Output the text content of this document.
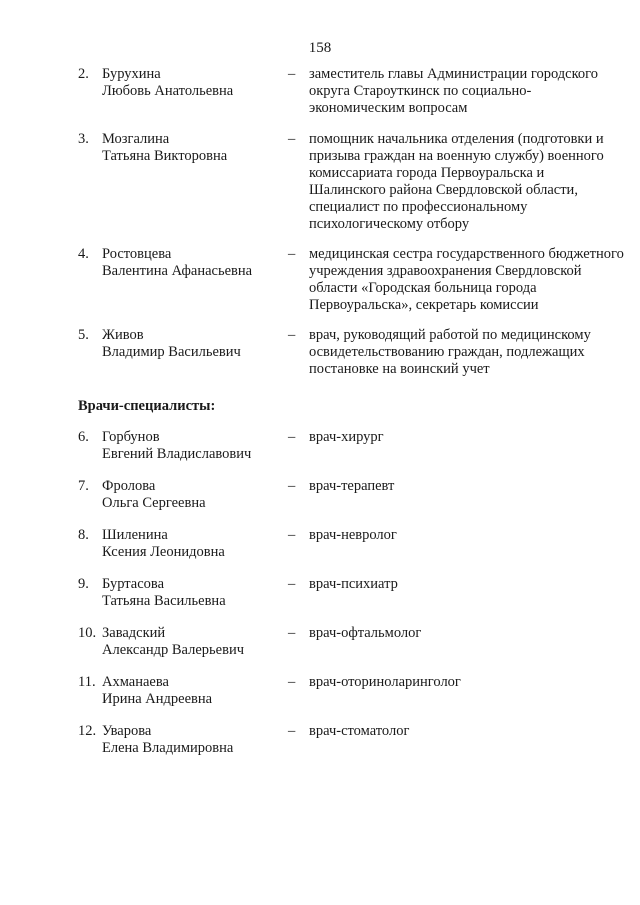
158
2. Бурухина
Любовь Анатольевна
– заместитель главы Администрации городского округа Староуткинск по социально-экономическим вопросам
3. Мозгалина
Татьяна Викторовна
– помощник начальника отделения (подготовки и призыва граждан на военную службу) военного комиссариата города Первоуральска и Шалинского района Свердловской области, специалист по профессиональному психологическому отбору
4. Ростовцева
Валентина Афанасьевна
– медицинская сестра государственного бюджетного учреждения здравоохранения Свердловской области «Городская больница города Первоуральска», секретарь комиссии
5. Живов
Владимир Васильевич
– врач, руководящий работой по медицинскому освидетельствованию граждан, подлежащих постановке на воинский учет
Врачи-специалисты:
6. Горбунов
Евгений Владиславович
– врач-хирург
7. Фролова
Ольга Сергеевна
– врач-терапевт
8. Шиленина
Ксения Леонидовна
– врач-невролог
9. Буртасова
Татьяна Васильевна
– врач-психиатр
10. Завадский
Александр Валерьевич
– врач-офтальмолог
11. Ахманаева
Ирина Андреевна
– врач-оториноларинголог
12. Уварова
Елена Владимировна
– врач-стоматолог
